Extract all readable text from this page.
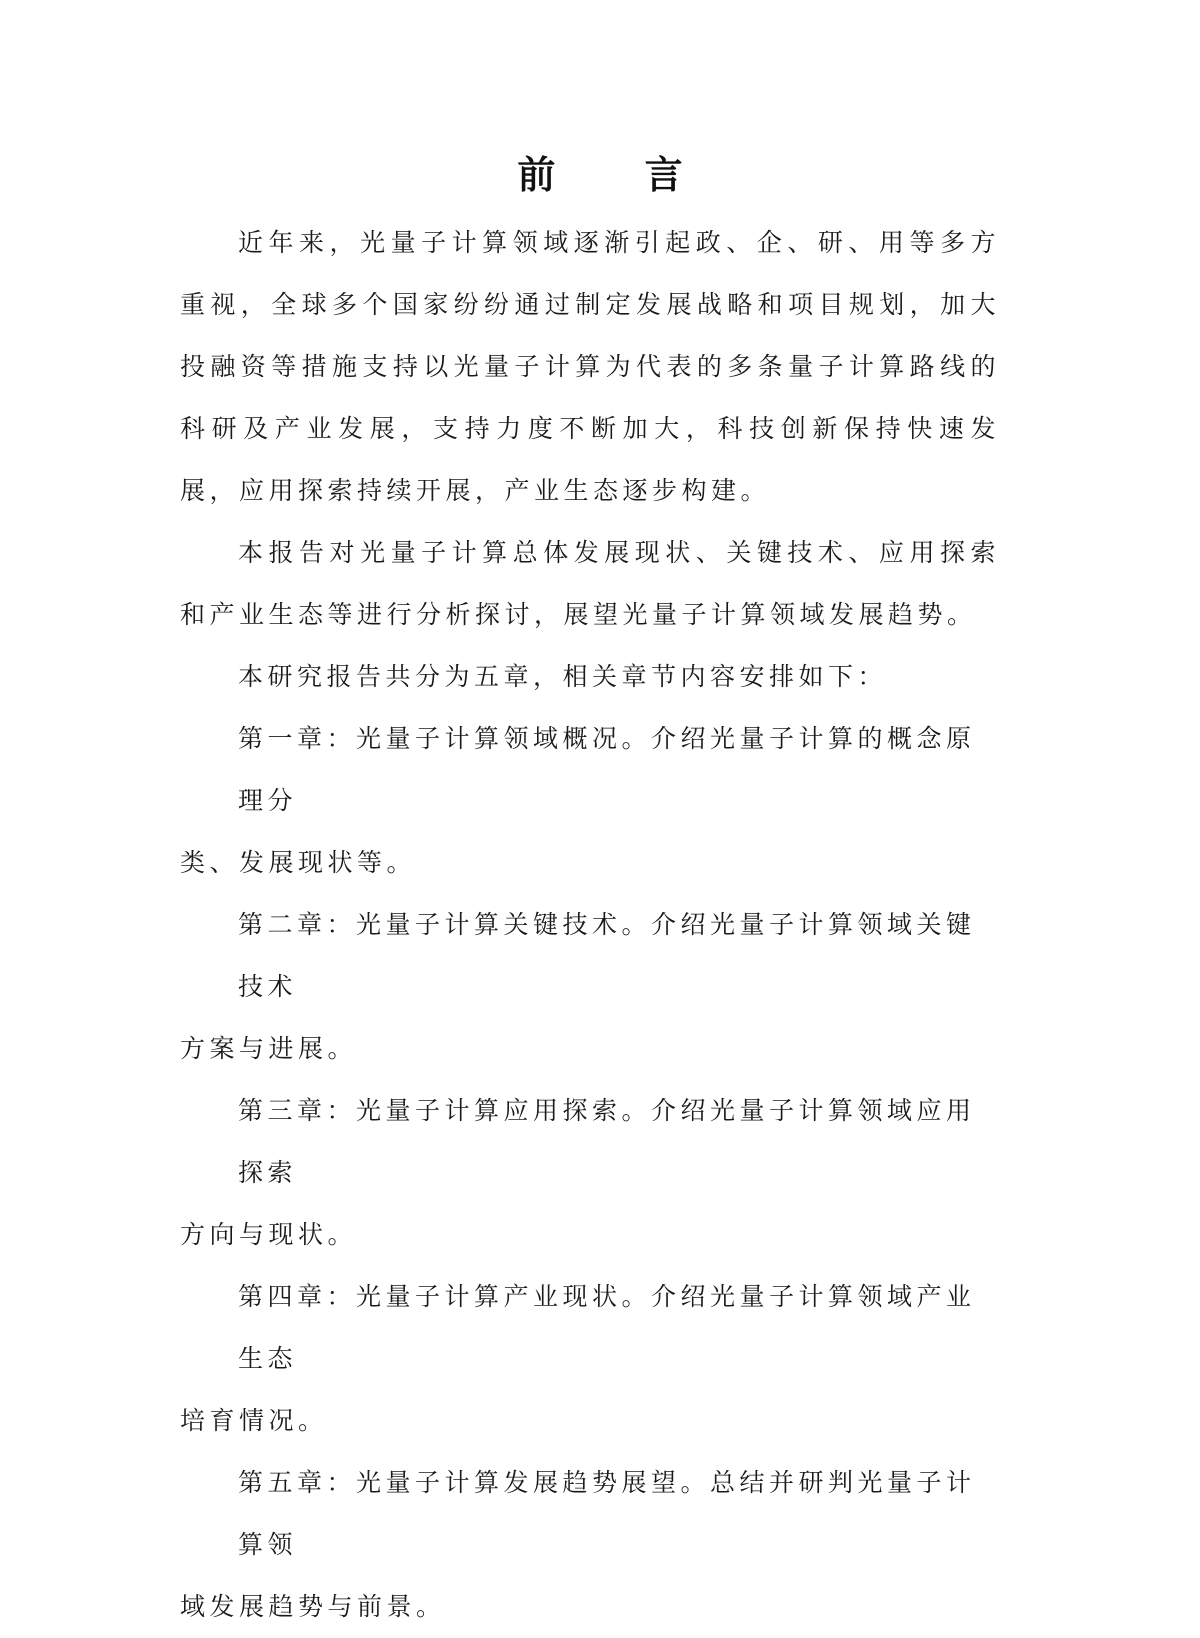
前 言

近年来，光量子计算领域逐渐引起政、企、研、用等多方重视，全球多个国家纷纷通过制定发展战略和项目规划，加大投融资等措施支持以光量子计算为代表的多条量子计算路线的科研及产业发展，支持力度不断加大，科技创新保持快速发展，应用探索持续开展，产业生态逐步构建。

本报告对光量子计算总体发展现状、关键技术、应用探索和产业生态等进行分析探讨，展望光量子计算领域发展趋势。

本研究报告共分为五章，相关章节内容安排如下：

第一章：光量子计算领域概况。介绍光量子计算的概念原理分
类、发展现状等。

第二章：光量子计算关键技术。介绍光量子计算领域关键技术
方案与进展。

第三章：光量子计算应用探索。介绍光量子计算领域应用探索
方向与现状。

第四章：光量子计算产业现状。介绍光量子计算领域产业生态
培育情况。

第五章：光量子计算发展趋势展望。总结并研判光量子计算领
域发展趋势与前景。
